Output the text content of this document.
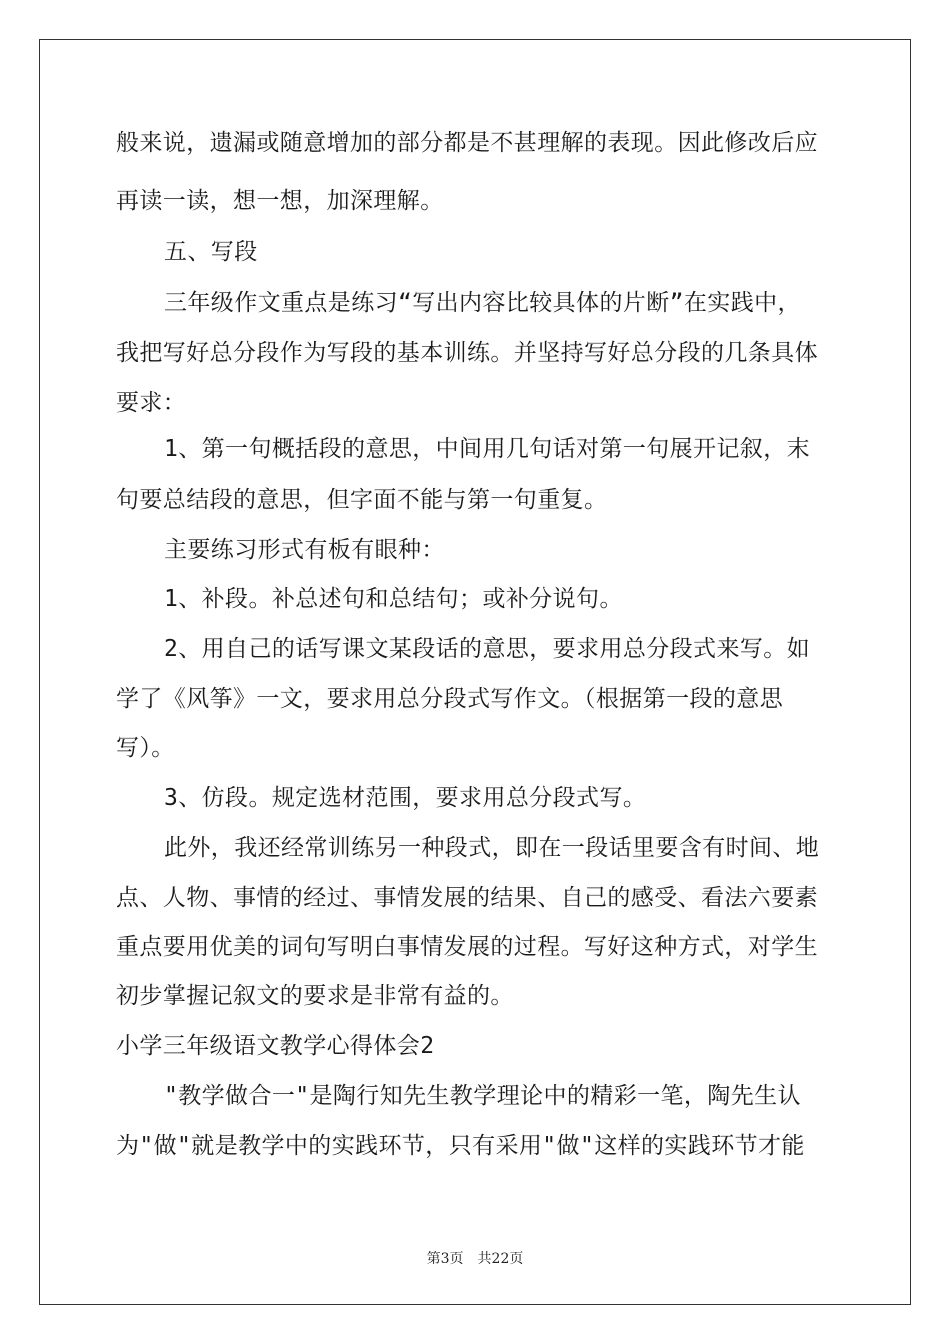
般来说，遗漏或随意增加的部分都是不甚理解的表现。因此修改后应
再读一读，想一想，加深理解。
五、写段
三年级作文重点是练习“写出内容比较具体的片断”在实践中，
我把写好总分段作为写段的基本训练。并坚持写好总分段的几条具体
要求：
1、第一句概括段的意思，中间用几句话对第一句展开记叙，末
句要总结段的意思，但字面不能与第一句重复。
主要练习形式有板有眼种：
1、补段。补总述句和总结句；或补分说句。
2、用自己的话写课文某段话的意思，要求用总分段式来写。如
学了《风筝》一文，要求用总分段式写作文。（根据第一段的意思
写）。
3、仿段。规定选材范围，要求用总分段式写。
此外，我还经常训练另一种段式，即在一段话里要含有时间、地
点、人物、事情的经过、事情发展的结果、自己的感受、看法六要素
重点要用优美的词句写明白事情发展的过程。写好这种方式，对学生
初步掌握记叙文的要求是非常有益的。
小学三年级语文教学心得体会2
"教学做合一"是陶行知先生教学理论中的精彩一笔，陶先生认
为"做"就是教学中的实践环节，只有采用"做"这样的实践环节才能
第3页 共22页
